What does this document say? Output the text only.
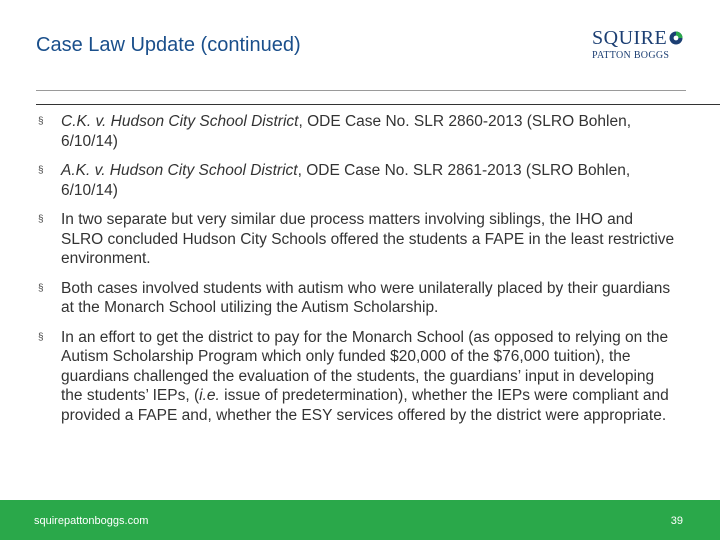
Case Law Update (continued)	SQUIRE
PATTON BOGGS
§ C.K. v. Hudson City School District, ODE Case No. SLR 2860-2013 (SLRO Bohlen, 6/10/14)
§ A.K. v. Hudson City School District, ODE Case No. SLR 2861-2013 (SLRO Bohlen, 6/10/14)
§ In two separate but very similar due process matters involving siblings, the IHO and SLRO concluded Hudson City Schools offered the students a FAPE in the least restrictive environment.
§ Both cases involved students with autism who were unilaterally placed by their guardians at the Monarch School utilizing the Autism Scholarship.
§ In an effort to get the district to pay for the Monarch School (as opposed to relying on the Autism Scholarship Program which only funded $20,000 of the $76,000 tuition), the guardians challenged the evaluation of the students, the guardians’ input in developing the students’ IEPs, (i.e. issue of predetermination), whether the IEPs were compliant and provided a FAPE and, whether the ESY services offered by the district were appropriate.
squirepattonboggs.com	39
